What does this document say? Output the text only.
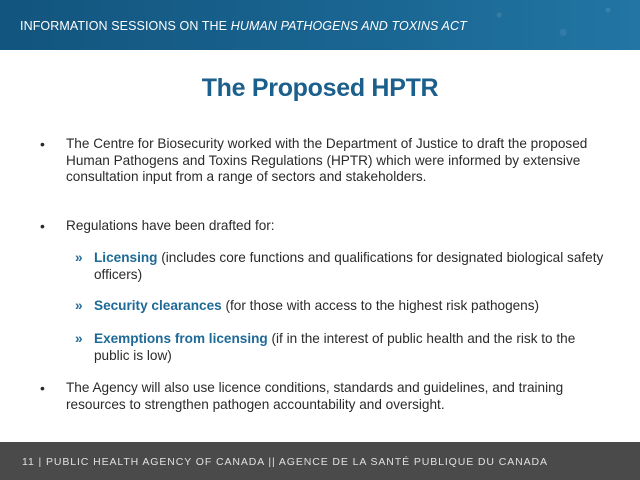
INFORMATION SESSIONS ON THE HUMAN PATHOGENS AND TOXINS ACT
The Proposed HPTR
• The Centre for Biosecurity worked with the Department of Justice to draft the proposed Human Pathogens and Toxins Regulations (HPTR) which were informed by extensive consultation input from a range of sectors and stakeholders.
• Regulations have been drafted for:
» Licensing (includes core functions and qualifications for designated biological safety officers)
» Security clearances (for those with access to the highest risk pathogens)
» Exemptions from licensing (if in the interest of public health and the risk to the public is low)
• The Agency will also use licence conditions, standards and guidelines, and training resources to strengthen pathogen accountability and oversight.
11 | PUBLIC HEALTH AGENCY OF CANADA || AGENCE DE LA SANTÉ PUBLIQUE DU CANADA
